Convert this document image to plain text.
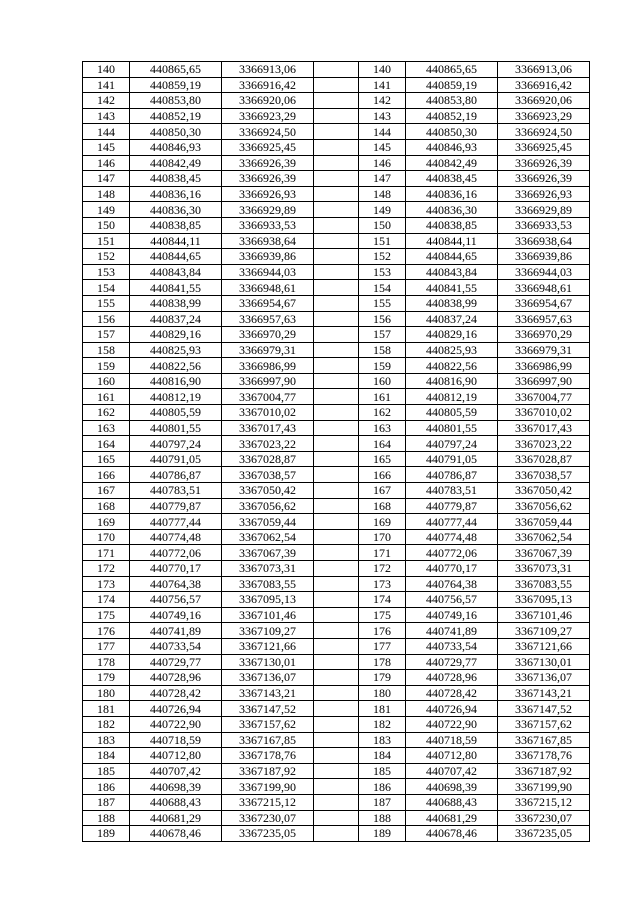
140	440865,65	3366913,06		140	440865,65	3366913,06
141	440859,19	3366916,42		141	440859,19	3366916,42
142	440853,80	3366920,06		142	440853,80	3366920,06
143	440852,19	3366923,29		143	440852,19	3366923,29
144	440850,30	3366924,50		144	440850,30	3366924,50
145	440846,93	3366925,45		145	440846,93	3366925,45
146	440842,49	3366926,39		146	440842,49	3366926,39
147	440838,45	3366926,39		147	440838,45	3366926,39
148	440836,16	3366926,93		148	440836,16	3366926,93
149	440836,30	3366929,89		149	440836,30	3366929,89
150	440838,85	3366933,53		150	440838,85	3366933,53
151	440844,11	3366938,64		151	440844,11	3366938,64
152	440844,65	3366939,86		152	440844,65	3366939,86
153	440843,84	3366944,03		153	440843,84	3366944,03
154	440841,55	3366948,61		154	440841,55	3366948,61
155	440838,99	3366954,67		155	440838,99	3366954,67
156	440837,24	3366957,63		156	440837,24	3366957,63
157	440829,16	3366970,29		157	440829,16	3366970,29
158	440825,93	3366979,31		158	440825,93	3366979,31
159	440822,56	3366986,99		159	440822,56	3366986,99
160	440816,90	3366997,90		160	440816,90	3366997,90
161	440812,19	3367004,77		161	440812,19	3367004,77
162	440805,59	3367010,02		162	440805,59	3367010,02
163	440801,55	3367017,43		163	440801,55	3367017,43
164	440797,24	3367023,22		164	440797,24	3367023,22
165	440791,05	3367028,87		165	440791,05	3367028,87
166	440786,87	3367038,57		166	440786,87	3367038,57
167	440783,51	3367050,42		167	440783,51	3367050,42
168	440779,87	3367056,62		168	440779,87	3367056,62
169	440777,44	3367059,44		169	440777,44	3367059,44
170	440774,48	3367062,54		170	440774,48	3367062,54
171	440772,06	3367067,39		171	440772,06	3367067,39
172	440770,17	3367073,31		172	440770,17	3367073,31
173	440764,38	3367083,55		173	440764,38	3367083,55
174	440756,57	3367095,13		174	440756,57	3367095,13
175	440749,16	3367101,46		175	440749,16	3367101,46
176	440741,89	3367109,27		176	440741,89	3367109,27
177	440733,54	3367121,66		177	440733,54	3367121,66
178	440729,77	3367130,01		178	440729,77	3367130,01
179	440728,96	3367136,07		179	440728,96	3367136,07
180	440728,42	3367143,21		180	440728,42	3367143,21
181	440726,94	3367147,52		181	440726,94	3367147,52
182	440722,90	3367157,62		182	440722,90	3367157,62
183	440718,59	3367167,85		183	440718,59	3367167,85
184	440712,80	3367178,76		184	440712,80	3367178,76
185	440707,42	3367187,92		185	440707,42	3367187,92
186	440698,39	3367199,90		186	440698,39	3367199,90
187	440688,43	3367215,12		187	440688,43	3367215,12
188	440681,29	3367230,07		188	440681,29	3367230,07
189	440678,46	3367235,05		189	440678,46	3367235,05
